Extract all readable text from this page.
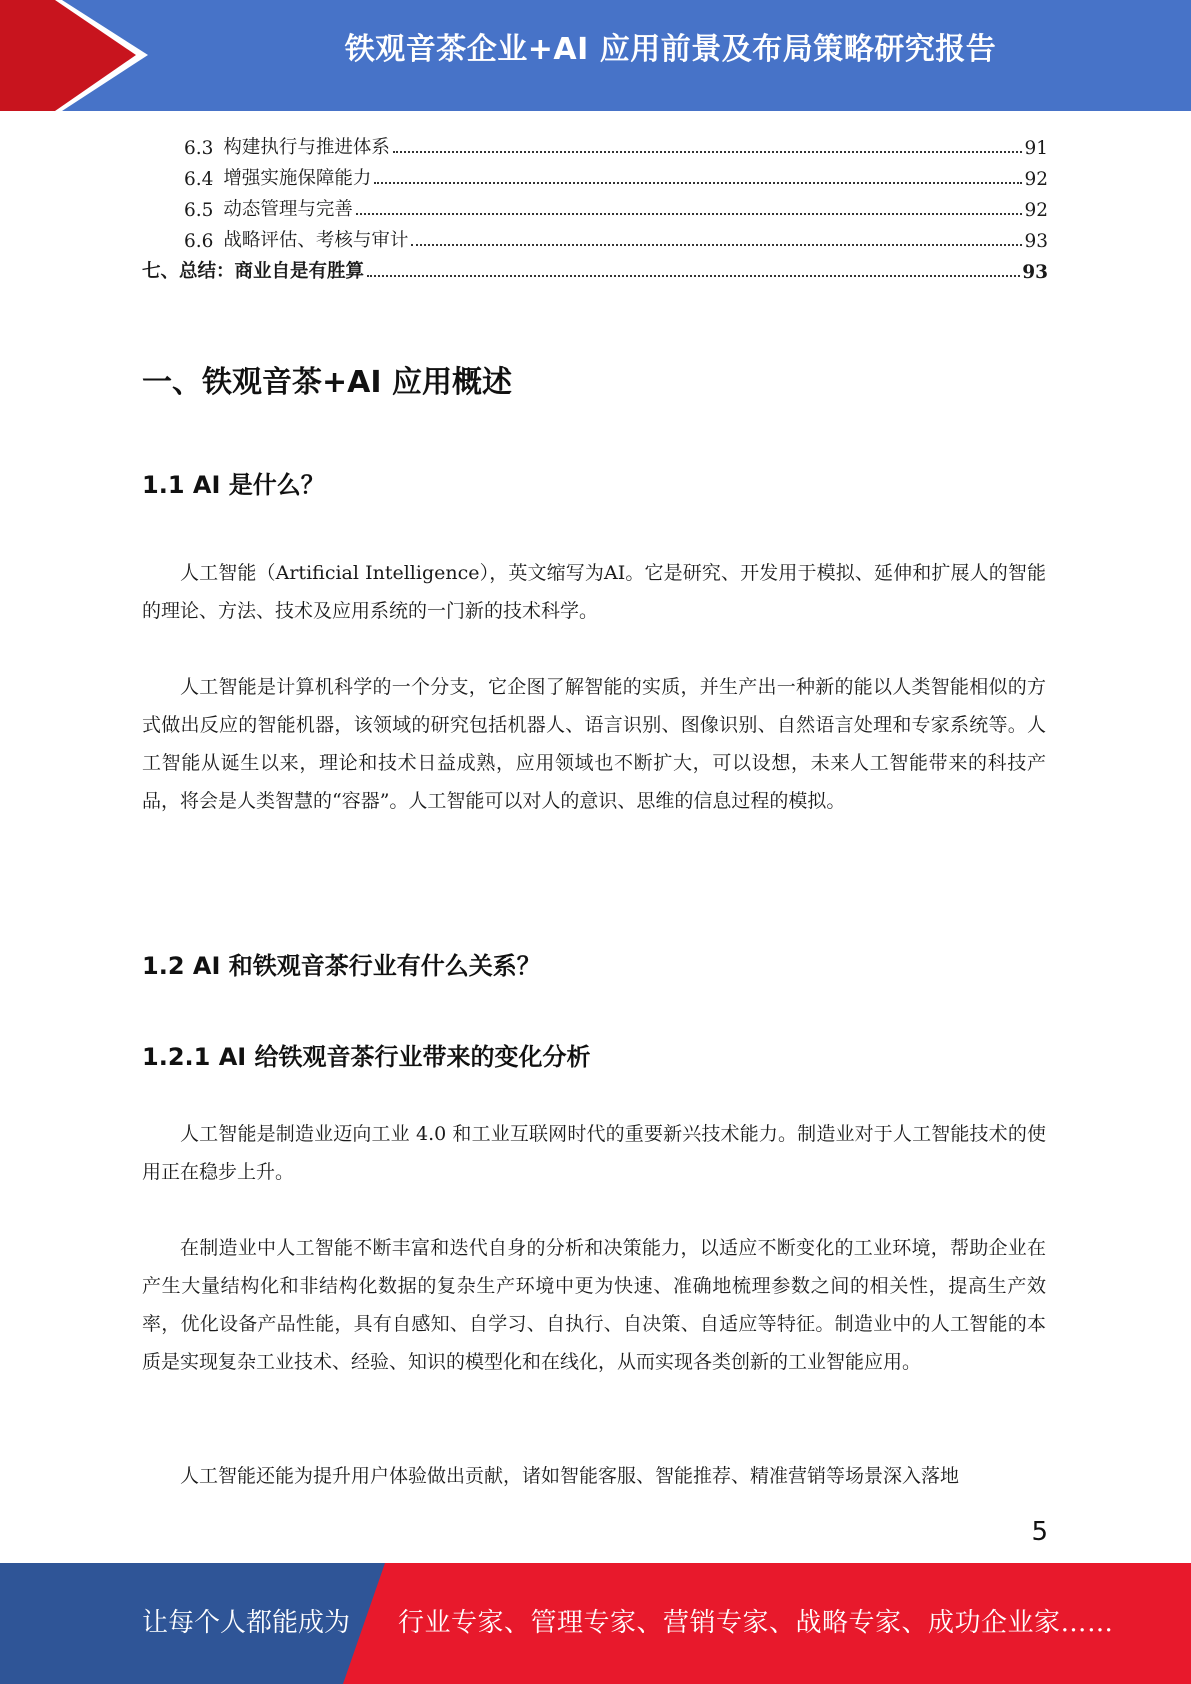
铁观音茶企业+AI 应用前景及布局策略研究报告
6.3 构建执行与推进体系	91
6.4 增强实施保障能力	92
6.5 动态管理与完善	92
6.6 战略评估、考核与审计	93
七、总结：商业自是有胜算	93
一、铁观音茶+AI 应用概述
1.1 AI 是什么？

人工智能（Artificial Intelligence），英文缩写为AI。它是研究、开发用于模拟、延伸和扩展人的智能的理论、方法、技术及应用系统的一门新的技术科学。

人工智能是计算机科学的一个分支，它企图了解智能的实质，并生产出一种新的能以人类智能相似的方式做出反应的智能机器，该领域的研究包括机器人、语言识别、图像识别、自然语言处理和专家系统等。人工智能从诞生以来，理论和技术日益成熟，应用领域也不断扩大，可以设想，未来人工智能带来的科技产品，将会是人类智慧的“容器”。人工智能可以对人的意识、思维的信息过程的模拟。

1.2 AI 和铁观音茶行业有什么关系？
1.2.1 AI 给铁观音茶行业带来的变化分析

人工智能是制造业迈向工业 4.0 和工业互联网时代的重要新兴技术能力。制造业对于人工智能技术的使用正在稳步上升。

在制造业中人工智能不断丰富和迭代自身的分析和决策能力，以适应不断变化的工业环境，帮助企业在产生大量结构化和非结构化数据的复杂生产环境中更为快速、准确地梳理参数之间的相关性，提高生产效率，优化设备产品性能，具有自感知、自学习、自执行、自决策、自适应等特征。制造业中的人工智能的本质是实现复杂工业技术、经验、知识的模型化和在线化，从而实现各类创新的工业智能应用。

人工智能还能为提升用户体验做出贡献，诸如智能客服、智能推荐、精准营销等场景深入落地

5
让每个人都能成为 行业专家、管理专家、营销专家、战略专家、成功企业家……
